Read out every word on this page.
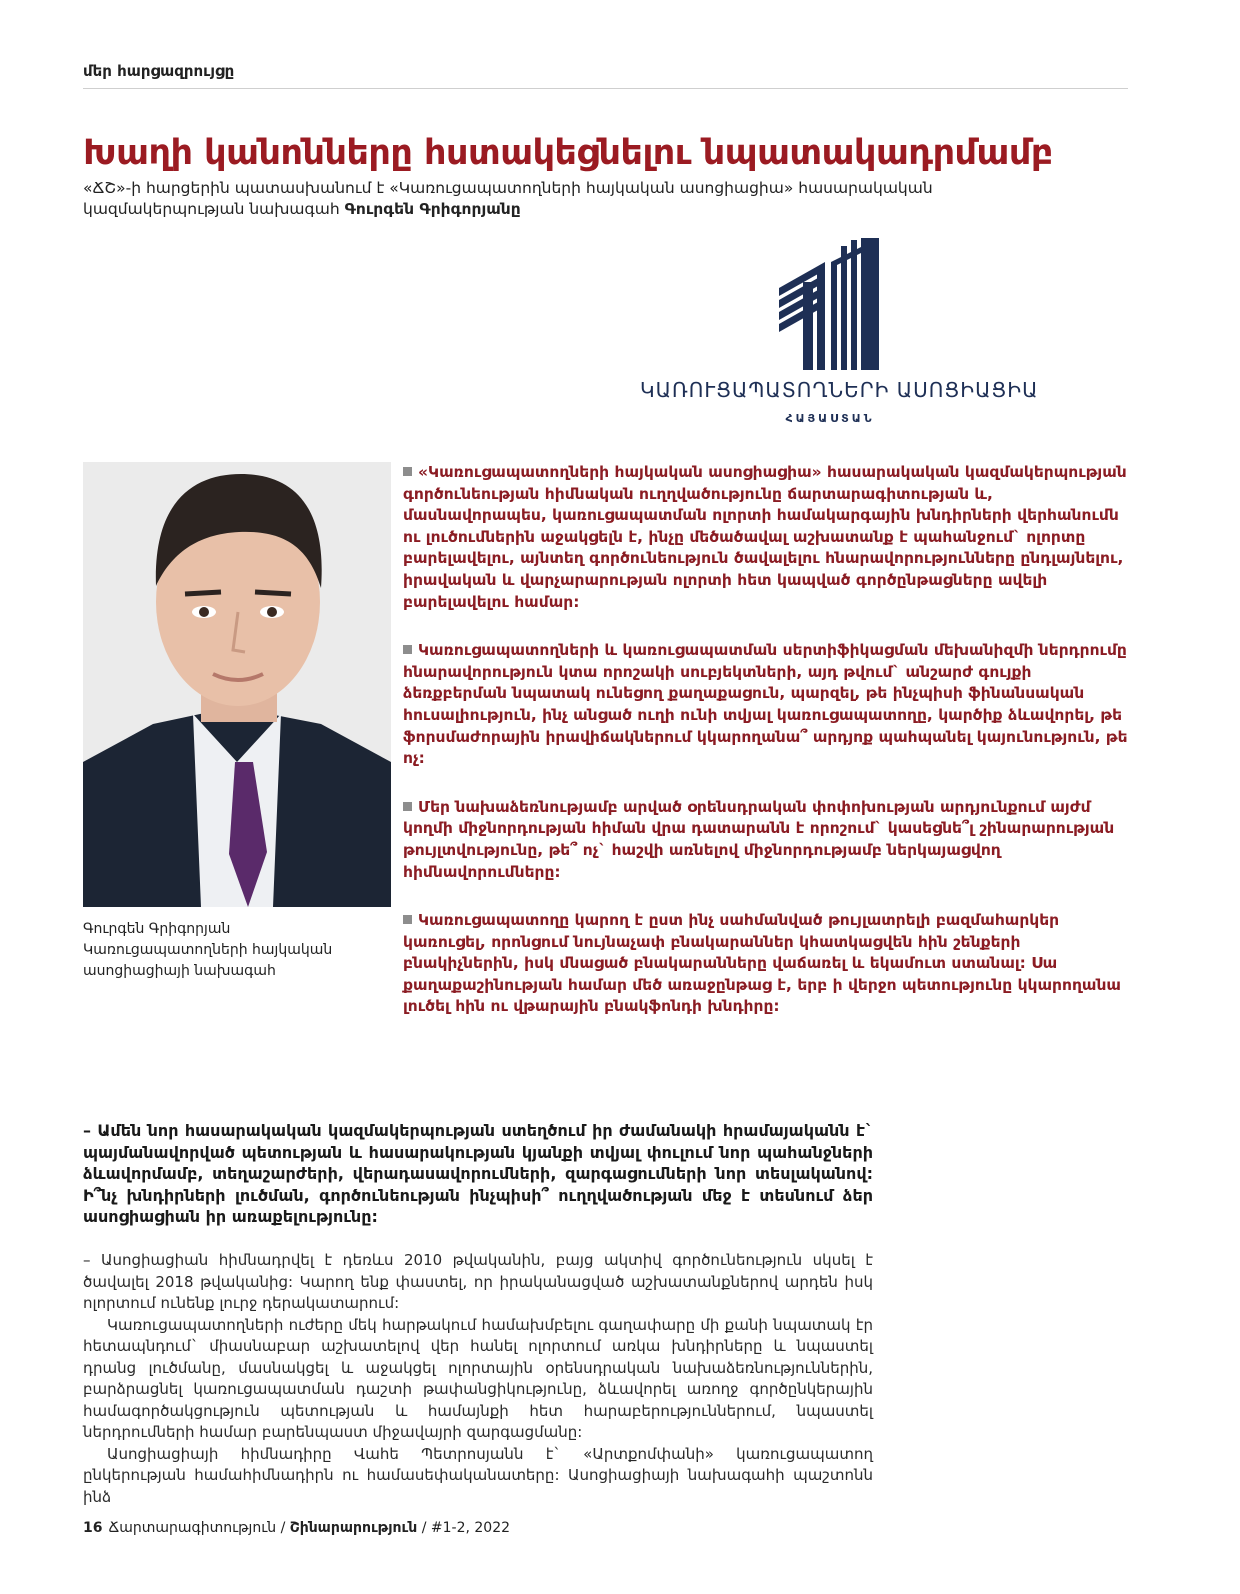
մեր հարցազրույցը
Խաղի կանոնները հստակեցնելու նպատակադրմամբ
«ՃՇ»-ի հարցերին պատասխանում է «Կառուցապատողների հայկական ասոցիացիա» հասարակական կազմակերպության նախագահ Գուրգեն Գրիգորյանը
ԿԱՌՈՒՑԱՊԱՏՈՂՆԵՐԻ ԱՍՈՑԻԱՑԻԱ
ՀԱՅԱՍՏԱՆ
Գուրգեն Գրիգորյան
Կառուցապատողների հայկական
ասոցիացիայի նախագահ

«Կառուցապատողների հայկական ասոցիացիա» հասարակական կազմակերպության գործունեության հիմնական ուղղվածությունը ճարտարագիտության և, մասնավորապես, կառուցապատման ոլորտի համակարգային խնդիրների վերհանումն ու լուծումներին աջակցելն է, ինչը մեծածավալ աշխատանք է պահանջում` ոլորտը բարելավելու, այնտեղ գործունեություն ծավալելու հնարավորությունները ընդլայնելու, իրավական և վարչարարության ոլորտի հետ կապված գործընթացները ավելի բարելավելու համար:

Կառուցապատողների և կառուցապատման սերտիֆիկացման մեխանիզմի ներդրումը հնարավորություն կտա որոշակի սուբյեկտների, այդ թվում` անշարժ գույքի ձեռքբերման նպատակ ունեցող քաղաքացուն, պարզել, թե ինչպիսի ֆինանսական հուսալիություն, ինչ անցած ուղի ունի տվյալ կառուցապատողը, կարծիք ձևավորել, թե ֆորսմաժորային իրավիճակներում կկարողանա՞ արդյոք պահպանել կայունություն, թե ոչ:

Մեր նախաձեռնությամբ արված օրենսդրական փոփոխության արդյունքում այժմ կողմի միջնորդության հիման վրա դատարանն է որոշում` կասեցնե՞լ շինարարության թույլտվությունը, թե՞ ոչ` հաշվի առնելով միջնորդությամբ ներկայացվող հիմնավորումները:

Կառուցապատողը կարող է ըստ ինչ սահմանված թույլատրելի բազմահարկեր կառուցել, որոնցում նույնաչափ բնակարաններ կհատկացվեն հին շենքերի բնակիչներին, իսկ մնացած բնակարանները վաճառել և եկամուտ ստանալ: Սա քաղաքաշինության համար մեծ առաջընթաց է, երբ ի վերջո պետությունը կկարողանա լուծել հին ու վթարային բնակֆոնդի խնդիրը:

– Ամեն նոր հասարակական կազմակերպության ստեղծում իր ժամանակի հրամայականն է` պայմանավորված պետության և հասարակության կյանքի տվյալ փուլում նոր պահանջների ձևավորմամբ, տեղաշարժերի, վերադասավորումների, զարգացումների նոր տեսլականով: Ի՞նչ խնդիրների լուծման, գործունեության ինչպիսի՞ ուղղվածության մեջ է տեսնում ձեր ասոցիացիան իր առաքելությունը:

– Ասոցիացիան հիմնադրվել է դեռևս 2010 թվականին, բայց ակտիվ գործունեություն սկսել է ծավալել 2018 թվականից: Կարող ենք փաստել, որ իրականացված աշխատանքներով արդեն իսկ ոլորտում ունենք լուրջ դերակատարում:

Կառուցապատողների ուժերը մեկ հարթակում համախմբելու գաղափարը մի քանի նպատակ էր հետապնդում` միասնաբար աշխատելով վեր հանել ոլորտում առկա խնդիրները և նպաստել դրանց լուծմանը, մասնակցել և աջակցել ոլորտային օրենսդրական նախաձեռնություններին, բարձրացնել կառուցապատման դաշտի թափանցիկությունը, ձևավորել առողջ գործընկերային համագործակցություն պետության և համայնքի հետ հարաբերություններում, նպաստել ներդրումների համար բարենպաստ միջավայրի զարգացմանը:

Ասոցիացիայի հիմնադիրը Վահե Պետրոսյանն է` «Արտքոմփանի» կառուցապատող ընկերության համահիմնադիրն ու համասեփականատերը: Ասոցիացիայի նախագահի պաշտոնն ինձ

16 Ճարտարագիտություն / Շինարարություն / #1-2, 2022
